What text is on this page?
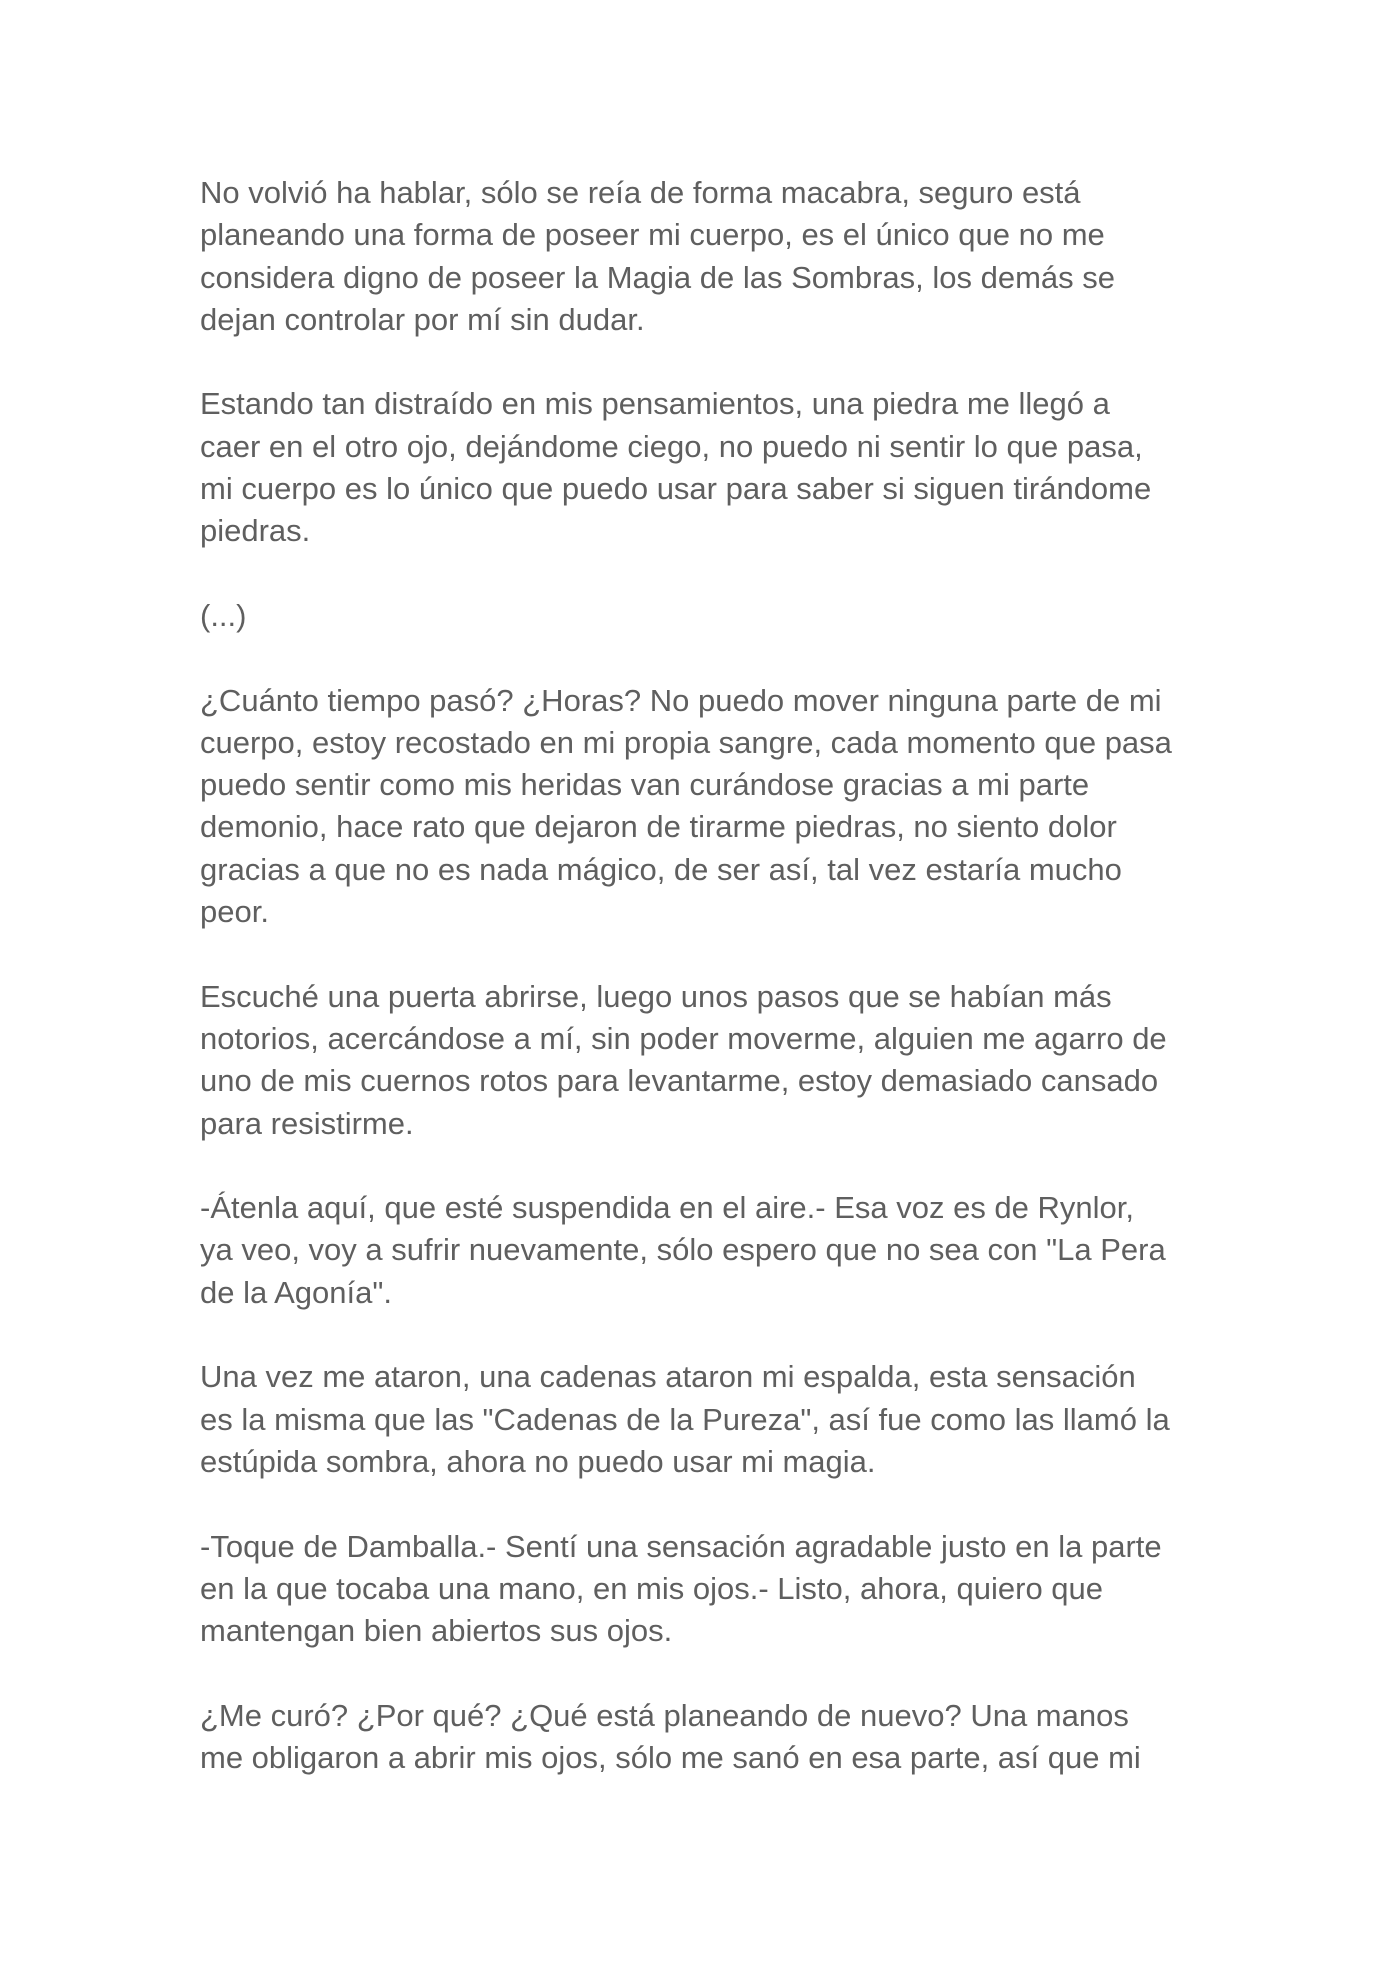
No volvió ha hablar, sólo se reía de forma macabra, seguro está
planeando una forma de poseer mi cuerpo, es el único que no me
considera digno de poseer la Magia de las Sombras, los demás se
dejan controlar por mí sin dudar.

Estando tan distraído en mis pensamientos, una piedra me llegó a
caer en el otro ojo, dejándome ciego, no puedo ni sentir lo que pasa,
mi cuerpo es lo único que puedo usar para saber si siguen tirándome
piedras.

(...)

¿Cuánto tiempo pasó? ¿Horas? No puedo mover ninguna parte de mi
cuerpo, estoy recostado en mi propia sangre, cada momento que pasa
puedo sentir como mis heridas van curándose gracias a mi parte
demonio, hace rato que dejaron de tirarme piedras, no siento dolor
gracias a que no es nada mágico, de ser así, tal vez estaría mucho
peor.

Escuché una puerta abrirse, luego unos pasos que se habían más
notorios, acercándose a mí, sin poder moverme, alguien me agarro de
uno de mis cuernos rotos para levantarme, estoy demasiado cansado
para resistirme.

-Átenla aquí, que esté suspendida en el aire.- Esa voz es de Rynlor,
ya veo, voy a sufrir nuevamente, sólo espero que no sea con "La Pera
de la Agonía".

Una vez me ataron, una cadenas ataron mi espalda, esta sensación
es la misma que las "Cadenas de la Pureza", así fue como las llamó la
estúpida sombra, ahora no puedo usar mi magia.

-Toque de Damballa.- Sentí una sensación agradable justo en la parte
en la que tocaba una mano, en mis ojos.- Listo, ahora, quiero que
mantengan bien abiertos sus ojos.

¿Me curó? ¿Por qué? ¿Qué está planeando de nuevo? Una manos
me obligaron a abrir mis ojos, sólo me sanó en esa parte, así que mi
